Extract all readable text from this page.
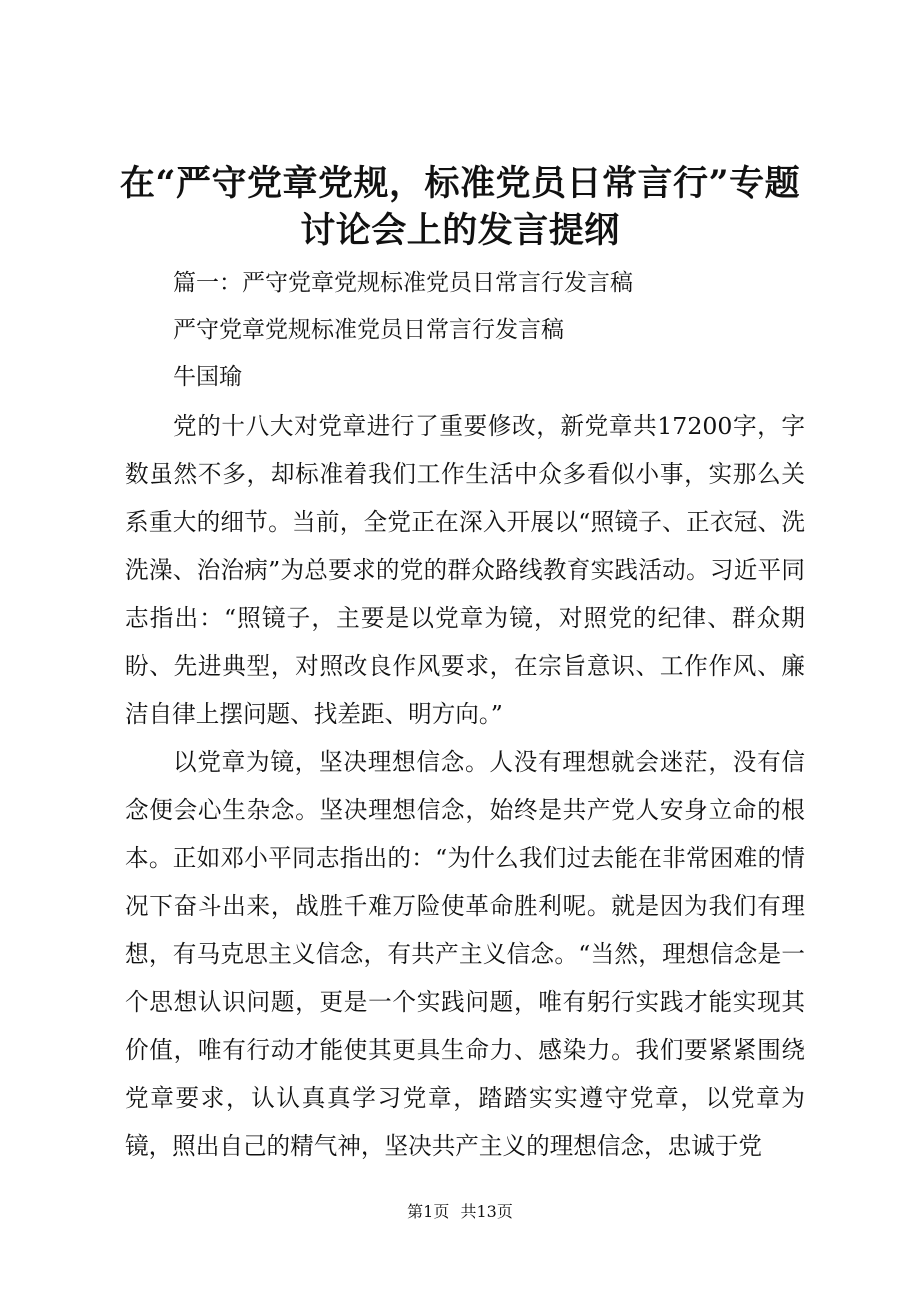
在“严守党章党规，标准党员日常言行”专题
讨论会上的发言提纲
篇一：严守党章党规标准党员日常言行发言稿
严守党章党规标准党员日常言行发言稿
牛国瑜

党的十八大对党章进行了重要修改，新党章共17200字，字数虽然不多，却标准着我们工作生活中众多看似小事，实那么关系重大的细节。当前，全党正在深入开展以“照镜子、正衣冠、洗洗澡、治治病”为总要求的党的群众路线教育实践活动。习近平同志指出：“照镜子，主要是以党章为镜，对照党的纪律、群众期盼、先进典型，对照改良作风要求，在宗旨意识、工作作风、廉洁自律上摆问题、找差距、明方向。”

以党章为镜，坚决理想信念。人没有理想就会迷茫，没有信念便会心生杂念。坚决理想信念，始终是共产党人安身立命的根本。正如邓小平同志指出的：“为什么我们过去能在非常困难的情况下奋斗出来，战胜千难万险使革命胜利呢。就是因为我们有理想，有马克思主义信念，有共产主义信念。“当然，理想信念是一个思想认识问题，更是一个实践问题，唯有躬行实践才能实现其价值，唯有行动才能使其更具生命力、感染力。我们要紧紧围绕党章要求，认认真真学习党章，踏踏实实遵守党章，以党章为镜，照出自己的精气神，坚决共产主义的理想信念，忠诚于党

第1页 共13页
